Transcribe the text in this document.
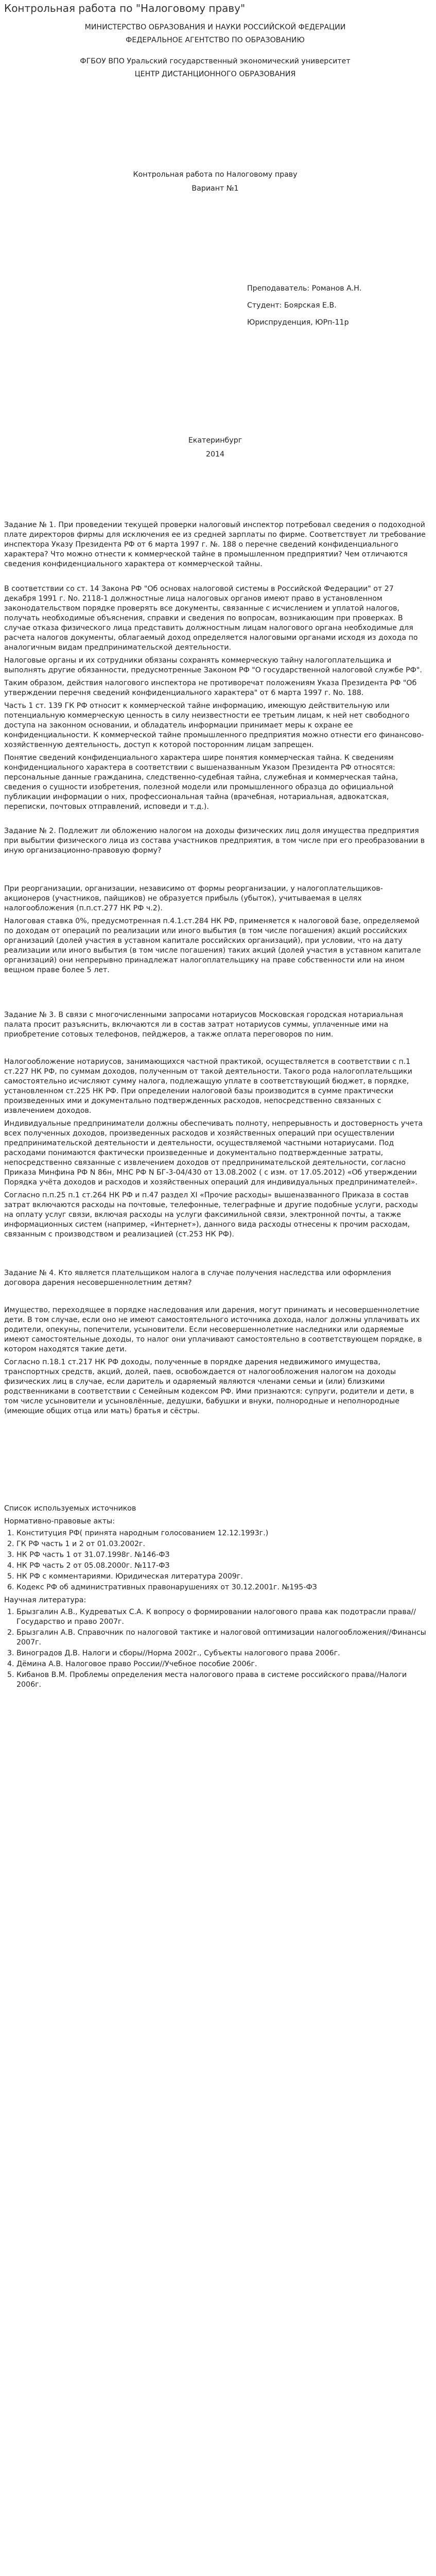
Контрольная работа по "Налоговому праву"

МИНИСТЕРСТВО ОБРАЗОВАНИЯ И НАУКИ РОССИЙСКОЙ ФЕДЕРАЦИИ

ФЕДЕРАЛЬНОЕ АГЕНТСТВО ПО ОБРАЗОВАНИЮ

ФГБОУ ВПО Уральский государственный экономический университет

ЦЕНТР ДИСТАНЦИОННОГО ОБРАЗОВАНИЯ

Контрольная работа по Налоговому праву

Вариант №1

Преподаватель: Романов А.Н.

Студент: Боярская Е.В.

Юриспруденция, ЮРп-11р

Екатеринбург

2014

Задание № 1. При проведении текущей проверки налоговый инспектор потребовал сведения о подоходной плате директоров фирмы для исключения ее из средней зарплаты по фирме. Соответствует ли требование инспектора Указу Президента РФ от 6 марта 1997 г. №. 188 о перечне сведений конфиденциального характера? Что можно отнести к коммерческой тайне в промышленном предприятии? Чем отличаются сведения конфиденциального характера от коммерческой тайны.

В соответствии со ст. 14 Закона РФ "Об основах налоговой системы в Российской Федерации" от 27 декабря 1991 г. No. 2118-1 должностные лица налоговых органов имеют право в установленном законодательством порядке проверять все документы, связанные с исчислением и уплатой налогов, получать необходимые объяснения, справки и сведения по вопросам, возникающим при проверках. В случае отказа физического лица представить должностным лицам налогового органа необходимые для расчета налогов документы, облагаемый доход определяется налоговыми органами исходя из дохода по аналогичным видам предпринимательской деятельности.

Налоговые органы и их сотрудники обязаны сохранять коммерческую тайну налогоплательщика и выполнять другие обязанности, предусмотренные Законом РФ "О государственной налоговой службе РФ".

Таким образом, действия налогового инспектора не противоречат положениям Указа Президента РФ "Об утверждении перечня сведений конфиденциального характера" от 6 марта 1997 г. No. 188.

Часть 1 ст. 139 ГК РФ относит к коммерческой тайне информацию, имеющую действительную или потенциальную коммерческую ценность в силу неизвестности ее третьим лицам, к ней нет свободного доступа на законном основании, и обладатель информации принимает меры к охране ее конфиденциальности. К коммерческой тайне промышленного предприятия можно отнести его финансово-хозяйственную деятельность, доступ к которой посторонним лицам запрещен.

Понятие сведений конфиденциального характера шире понятия коммерческая тайна. К сведениям конфиденциального характера в соответствии с вышеназванным Указом Президента РФ относятся: персональные данные гражданина, следственно-судебная тайна, служебная и коммерческая тайна, сведения о сущности изобретения, полезной модели или промышленного образца до официальной публикации информации о них, профессиональная тайна (врачебная, нотариальная, адвокатская, переписки, почтовых отправлений, исповеди и т.д.).

Задание № 2. Подлежит ли обложению налогом на доходы физических лиц доля имущества предприятия при выбытии физического лица из состава участников предприятия, в том числе при его преобразовании в иную организационно-правовую форму?

При реорганизации, организации, независимо от формы реорганизации, у налогоплательщиков-акционеров (участников, пайщиков) не образуется прибыль (убыток), учитываемая в целях налогообложения (п.п.ст.277 НК РФ ч.2).

Налоговая ставка 0%, предусмотренная п.4.1.ст.284 НК РФ, применяется к налоговой базе, определяемой по доходам от операций по реализации или иного выбытия (в том числе погашения) акций российских организаций (долей участия в уставном капитале российских организаций), при условии, что на дату реализации или иного выбытия (в том числе погашения) таких акций (долей участия в уставном капитале организаций) они непрерывно принадлежат налогоплательщику на праве собственности или на ином вещном праве более 5 лет.

Задание № 3. В связи с многочисленными запросами нотариусов Московская городская нотариальная палата просит разъяснить, включаются ли в состав затрат нотариусов суммы, уплаченные ими на приобретение сотовых телефонов, пейджеров, а также оплата переговоров по ним.

Налогообложение нотариусов, занимающихся частной практикой, осуществляется в соответствии с п.1 ст.227 НК РФ, по суммам доходов, полученным от такой деятельности. Такого рода налогоплательщики самостоятельно исчисляют сумму налога, подлежащую уплате в соответствующий бюджет, в порядке, установленном ст.225 НК РФ. При определении налоговой базы производится в сумме практически произведенных ими и документально подтвержденных расходов, непосредственно связанных с извлечением доходов.

Индивидуальные предприниматели должны обеспечивать полноту, непрерывность и достоверность учета всех полученных доходов, произведенных расходов и хозяйственных операций при осуществлении предпринимательской деятельности и деятельности, осуществляемой частными нотариусами. Под расходами понимаются фактически произведенные и документально подтвержденные затраты, непосредственно связанные с извлечением доходов от предпринимательской деятельности, согласно Приказа Минфина РФ N 86н, МНС РФ N БГ-3-04/430 от 13.08.2002 ( с изм. от 17.05.2012) «Об утверждении Порядка учёта доходов и расходов и хозяйственных операций для индивидуальных предпринимателей».

Согласно п.п.25 п.1 ст.264 НК РФ и п.47 раздел XI «Прочие расходы» вышеназванного Приказа в состав затрат включаются расходы на почтовые, телефонные, телеграфные и другие подобные услуги, расходы на оплату услуг связи, включая расходы на услуги факсимильной связи, электронной почты, а также информационных систем (например, «Интернет»), данного вида расходы отнесены к прочим расходам, связанным с производством и реализацией (ст.253 НК РФ).

Задание № 4. Кто является плательщиком налога в случае получения наследства или оформления договора дарения несовершеннолетним детям?

Имущество, переходящее в порядке наследования или дарения, могут принимать и несовершеннолетние дети. В том случае, если оно не имеют самостоятельного источника дохода, налог должны уплачивать их родители, опекуны, попечители, усыновители. Если несовершеннолетние наследники или одаряемые имеют самостоятельные доходы, то налог они уплачивают самостоятельно в соответствующем порядке, в котором находятся такие дети.

Согласно п.18.1 ст.217 НК РФ доходы, полученные в порядке дарения недвижимого имущества, транспортных средств, акций, долей, паев, освобождается от налогообложения налогом на доходы физических лиц в случае, если даритель и одаряемый являются членами семьи и (или) близкими родственниками в соответствии с Семейным кодексом РФ. Ими признаются: супруги, родители и дети, в том числе усыновители и усыновлённые, дедушки, бабушки и внуки, полнородные и неполнородные (имеющие общих отца или мать) братья и сёстры.

Список используемых источников

Нормативно-правовые акты:

1. Конституция РФ( принята народным голосованием 12.12.1993г.)
2. ГК РФ часть 1 и 2 от 01.03.2002г.
3. НК РФ часть 1 от 31.07.1998г. №146-ФЗ
4. НК РФ часть 2 от 05.08.2000г. №117-ФЗ
5. НК РФ с комментариями. Юридическая литература 2009г.
6. Кодекс РФ об административных правонарушениях от 30.12.2001г. №195-ФЗ

Научная литература:

1. Брызгалин А.В., Кудреватых С.А. К вопросу о формировании налогового права как подотрасли права//Государство и право 2007г.
2. Брызгалин А.В. Справочник по налоговой тактике и налоговой оптимизации налогообложения//Финансы 2007г.
3. Виноградов Д.В. Налоги и сборы//Норма 2002г., Субъекты налогового права 2006г.
4. Дёмина А.В. Налоговое право России//Учебное пособие 2006г.
5. Кибанов В.М. Проблемы определения места налогового права в системе российского права//Налоги 2006г.
